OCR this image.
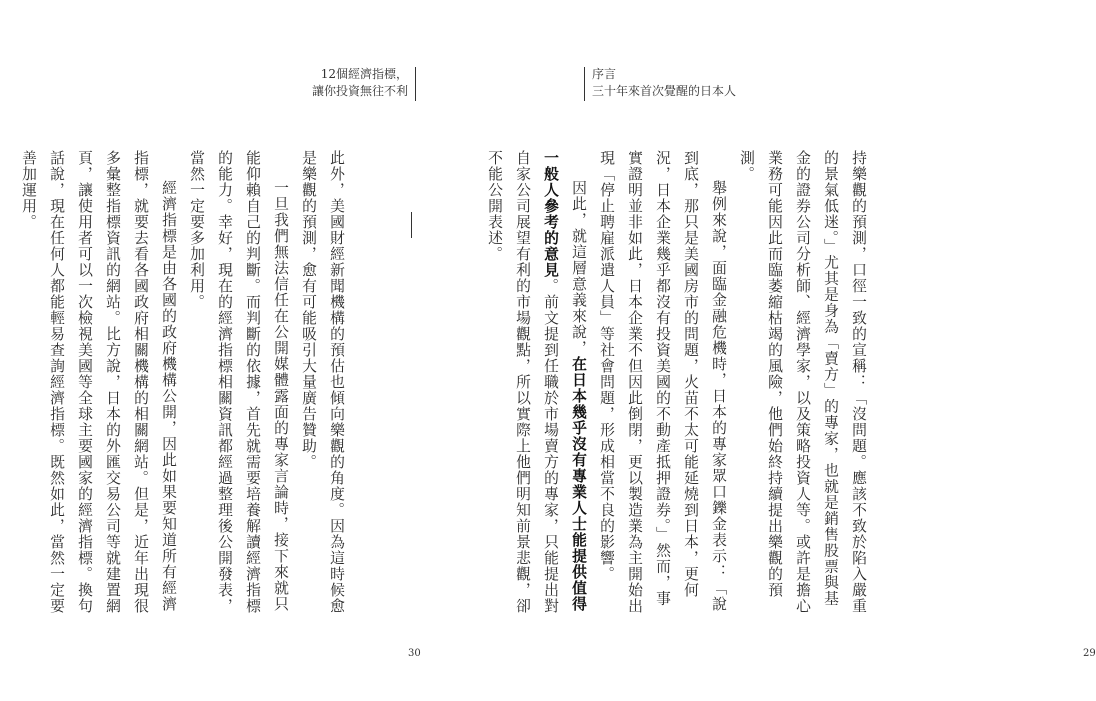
12個經濟指標，
讓你投資無往不利

此外，美國財經新聞機構的預估也傾向樂觀的角度。因為這時候愈是樂觀的預測，愈有可能吸引大量廣告贊助。

一旦我們無法信任在公開媒體露面的專家言論時，接下來就只能仰賴自己的判斷。而判斷的依據，首先就需要培養解讀經濟指標的能力。幸好，現在的經濟指標相關資訊都經過整理後公開發表，當然一定要多加利用。

經濟指標是由各國的政府機構公開，因此如果要知道所有經濟指標，就要去看各國政府相關機構的相關網站。但是，近年出現很多彙整指標資訊的網站。比方說，日本的外匯交易公司等就建置網頁，讓使用者可以一次檢視美國等全球主要國家的經濟指標。換句話說，現在任何人都能輕易查詢經濟指標。既然如此，當然一定要善加運用。

30
序言
三十年來首次覺醒的日本人

持樂觀的預測，口徑一致的宣稱：「沒問題。應該不致於陷入嚴重的景氣低迷。」尤其是身為「賣方」的專家，也就是銷售股票與基金的證券公司分析師、經濟學家，以及策略投資人等。或許是擔心業務可能因此而臨萎縮枯竭的風險，他們始終持續提出樂觀的預測。

舉例來說，面臨金融危機時，日本的專家眾口鑠金表示：「說到底，那只是美國房市的問題，火苗不太可能延燒到日本，更何況，日本企業幾乎都沒有投資美國的不動產抵押證券。」然而，事實證明並非如此，日本企業不但因此倒閉，更以製造業為主開始出現「停止聘雇派遣人員」等社會問題，形成相當不良的影響。

因此，就這層意義來說，在日本幾乎沒有專業人士能提供值得一般人參考的意見。前文提到任職於市場賣方的專家，只能提出對自家公司展望有利的市場觀點，所以實際上他們明知前景悲觀，卻不能公開表述。

29
